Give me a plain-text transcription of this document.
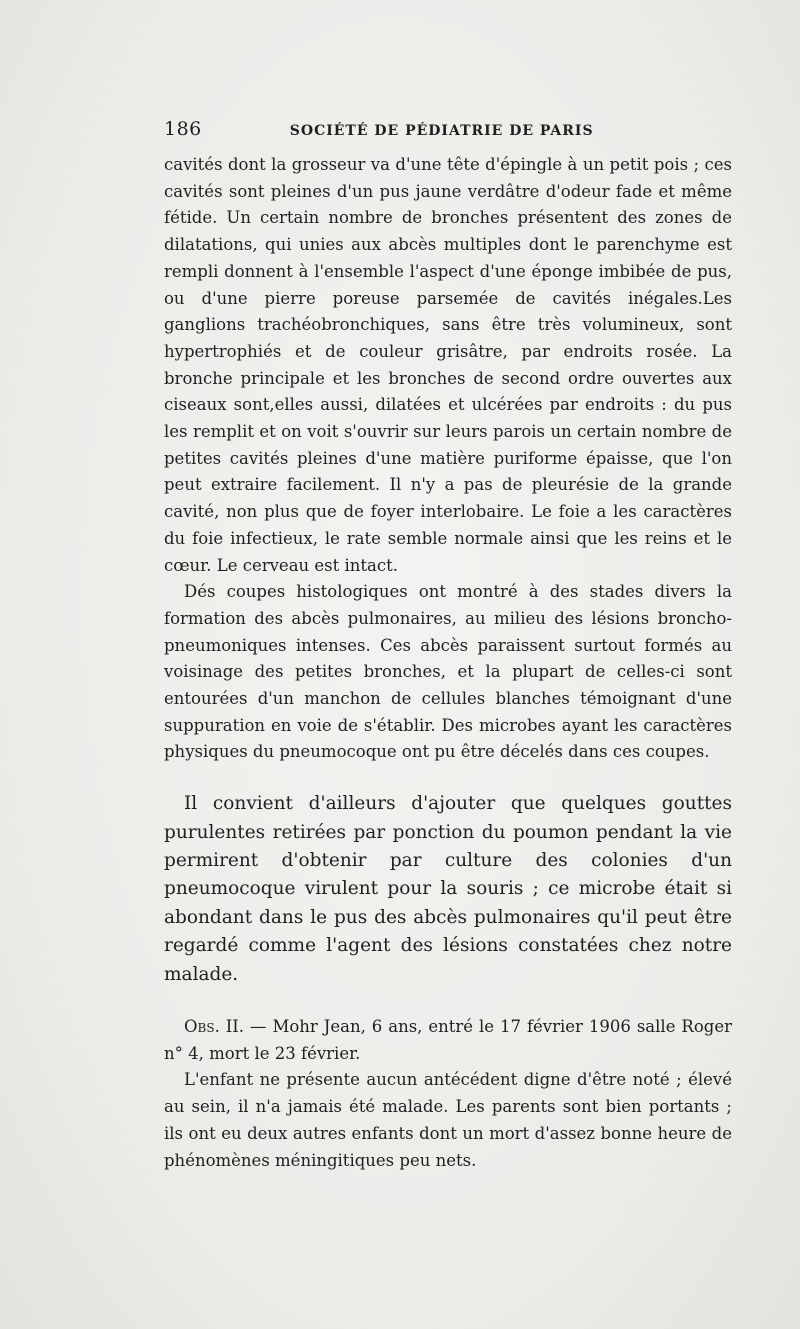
186	SOCIÉTÉ DE PÉDIATRIE DE PARIS

cavités dont la grosseur va d'une tête d'épingle à un petit pois ; ces cavités sont pleines d'un pus jaune verdâtre d'odeur fade et même fétide. Un certain nombre de bronches présentent des zones de dilatations, qui unies aux abcès multiples dont le parenchyme est rempli donnent à l'ensemble l'aspect d'une éponge imbibée de pus, ou d'une pierre poreuse parsemée de cavités inégales.Les ganglions trachéobronchiques, sans être très volumineux, sont hypertrophiés et de couleur grisâtre, par endroits rosée. La bronche principale et les bronches de second ordre ouvertes aux ciseaux sont,elles aussi, dilatées et ulcérées par endroits : du pus les remplit et on voit s'ouvrir sur leurs parois un certain nombre de petites cavités pleines d'une matière puriforme épaisse, que l'on peut extraire facilement. Il n'y a pas de pleurésie de la grande cavité, non plus que de foyer interlobaire. Le foie a les caractères du foie infectieux, le rate semble normale ainsi que les reins et le cœur. Le cerveau est intact.

Dés coupes histologiques ont montré à des stades divers la formation des abcès pulmonaires, au milieu des lésions broncho-pneumoniques intenses. Ces abcès paraissent surtout formés au voisinage des petites bronches, et la plupart de celles-ci sont entourées d'un manchon de cellules blanches témoignant d'une suppuration en voie de s'établir. Des microbes ayant les caractères physiques du pneumocoque ont pu être décelés dans ces coupes.

Il convient d'ailleurs d'ajouter que quelques gouttes purulentes retirées par ponction du poumon pendant la vie permirent d'obtenir par culture des colonies d'un pneumocoque virulent pour la souris ; ce microbe était si abondant dans le pus des abcès pulmonaires qu'il peut être regardé comme l'agent des lésions constatées chez notre malade.

Obs. II. — Mohr Jean, 6 ans, entré le 17 février 1906 salle Roger n° 4, mort le 23 février.

L'enfant ne présente aucun antécédent digne d'être noté ; élevé au sein, il n'a jamais été malade. Les parents sont bien portants ; ils ont eu deux autres enfants dont un mort d'assez bonne heure de phénomènes méningitiques peu nets.
